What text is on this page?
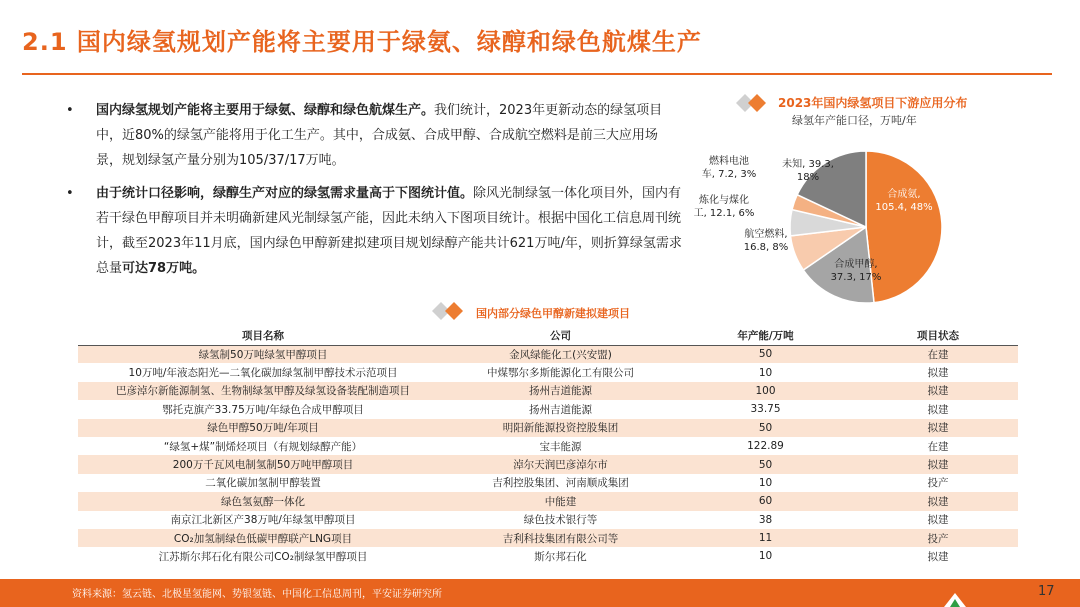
2.1 国内绿氢规划产能将主要用于绿氨、绿醇和绿色航煤生产
• 国内绿氢规划产能将主要用于绿氨、绿醇和绿色航煤生产。我们统计，2023年更新动态的绿氢项目中，近80%的绿氢产能将用于化工生产。其中，合成氨、合成甲醇、合成航空燃料是前三大应用场景，规划绿氢产量分别为105/37/17万吨。
• 由于统计口径影响，绿醇生产对应的绿氢需求量高于下图统计值。除风光制绿氢一体化项目外，国内有若干绿色甲醇项目并未明确新建风光制绿氢产能，因此未纳入下图项目统计。根据中国化工信息周刊统计，截至2023年11月底，国内绿色甲醇新建拟建项目规划绿醇产能共计621万吨/年，则折算绿氢需求总量可达78万吨。
2023年国内绿氢项目下游应用分布
绿氢年产能口径，万吨/年
合成氨, 105.4, 48%
合成甲醇, 37.3, 17%
航空燃料, 16.8, 8%
炼化与煤化工, 12.1, 6%
燃料电池车, 7.2, 3%
未知, 39.3, 18%
国内部分绿色甲醇新建拟建项目
项目名称	公司	年产能/万吨	项目状态
绿氢制50万吨绿氢甲醇项目	金风绿能化工(兴安盟)	50	在建
10万吨/年液态阳光—二氧化碳加绿氢制甲醇技术示范项目	中煤鄂尔多斯能源化工有限公司	10	拟建
巴彦淖尔新能源制氢、生物制绿氢甲醇及绿氢设备装配制造项目	扬州吉道能源	100	拟建
鄂托克旗产33.75万吨/年绿色合成甲醇项目	扬州吉道能源	33.75	拟建
绿色甲醇50万吨/年项目	明阳新能源投资控股集团	50	拟建
“绿氢+煤”制烯烃项目（有规划绿醇产能）	宝丰能源	122.89	在建
200万千瓦风电制氢制50万吨甲醇项目	淖尔天润巴彦淖尔市	50	拟建
二氧化碳加氢制甲醇装置	吉利控股集团、河南顺成集团	10	投产
绿色氢氨醇一体化	中能建	60	拟建
南京江北新区产38万吨/年绿氢甲醇项目	绿色技术银行等	38	拟建
CO₂加氢制绿色低碳甲醇联产LNG项目	吉利科技集团有限公司等	11	投产
江苏斯尔邦石化有限公司CO₂制绿氢甲醇项目	斯尔邦石化	10	拟建
资料来源：氢云链、北极星氢能网、势银氢链、中国化工信息周刊，平安证券研究所	17
